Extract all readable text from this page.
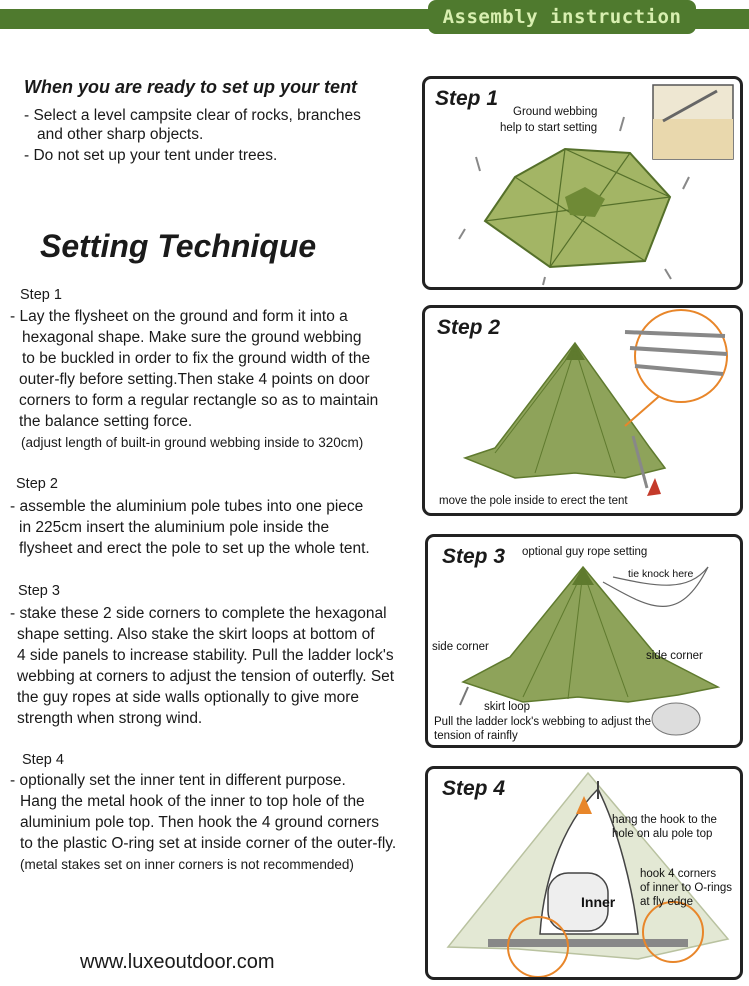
Assembly instruction
When you are ready to set up your tent
- Select a level campsite clear of rocks, branches
and other sharp objects.
- Do not set up your tent under trees.
Setting Technique
Step 1
- Lay the flysheet on the ground and form it into a
hexagonal shape. Make sure the ground webbing
to be buckled in order to fix the ground width of the
outer-fly before setting.Then stake 4 points on door
corners to form a regular rectangle so as to maintain
the balance setting force.
(adjust length of built-in ground webbing inside to 320cm)
Step 2
- assemble the aluminium pole tubes into one piece
in 225cm insert the aluminium pole inside the
flysheet and erect the pole to set up the whole tent.
Step 3
- stake these 2 side corners to complete the hexagonal
shape setting. Also stake the skirt loops at bottom of
4 side panels to increase stability. Pull the ladder lock's
webbing at corners to adjust the tension of outerfly. Set
the guy ropes at side walls optionally to give more
strength when strong wind.
Step 4
- optionally set the inner tent in different purpose.
Hang the metal hook of the inner to top hole of the
aluminium pole top. Then hook the 4 ground corners
to the plastic O-ring set at inside corner of the outer-fly.
(metal stakes set on inner corners is not recommended)
www.luxeoutdoor.com
Step 1
Ground webbing
help to start setting
Step 2
move the pole inside to erect the tent
Step 3 optional guy rope setting
tie knock here
side corner
side corner
skirt loop
Pull the ladder lock's webbing to adjust the
tension of rainfly
Step 4
hang the hook to the
hole on alu pole top
hook 4 corners
of inner to O-rings
at fly edge
Inner
